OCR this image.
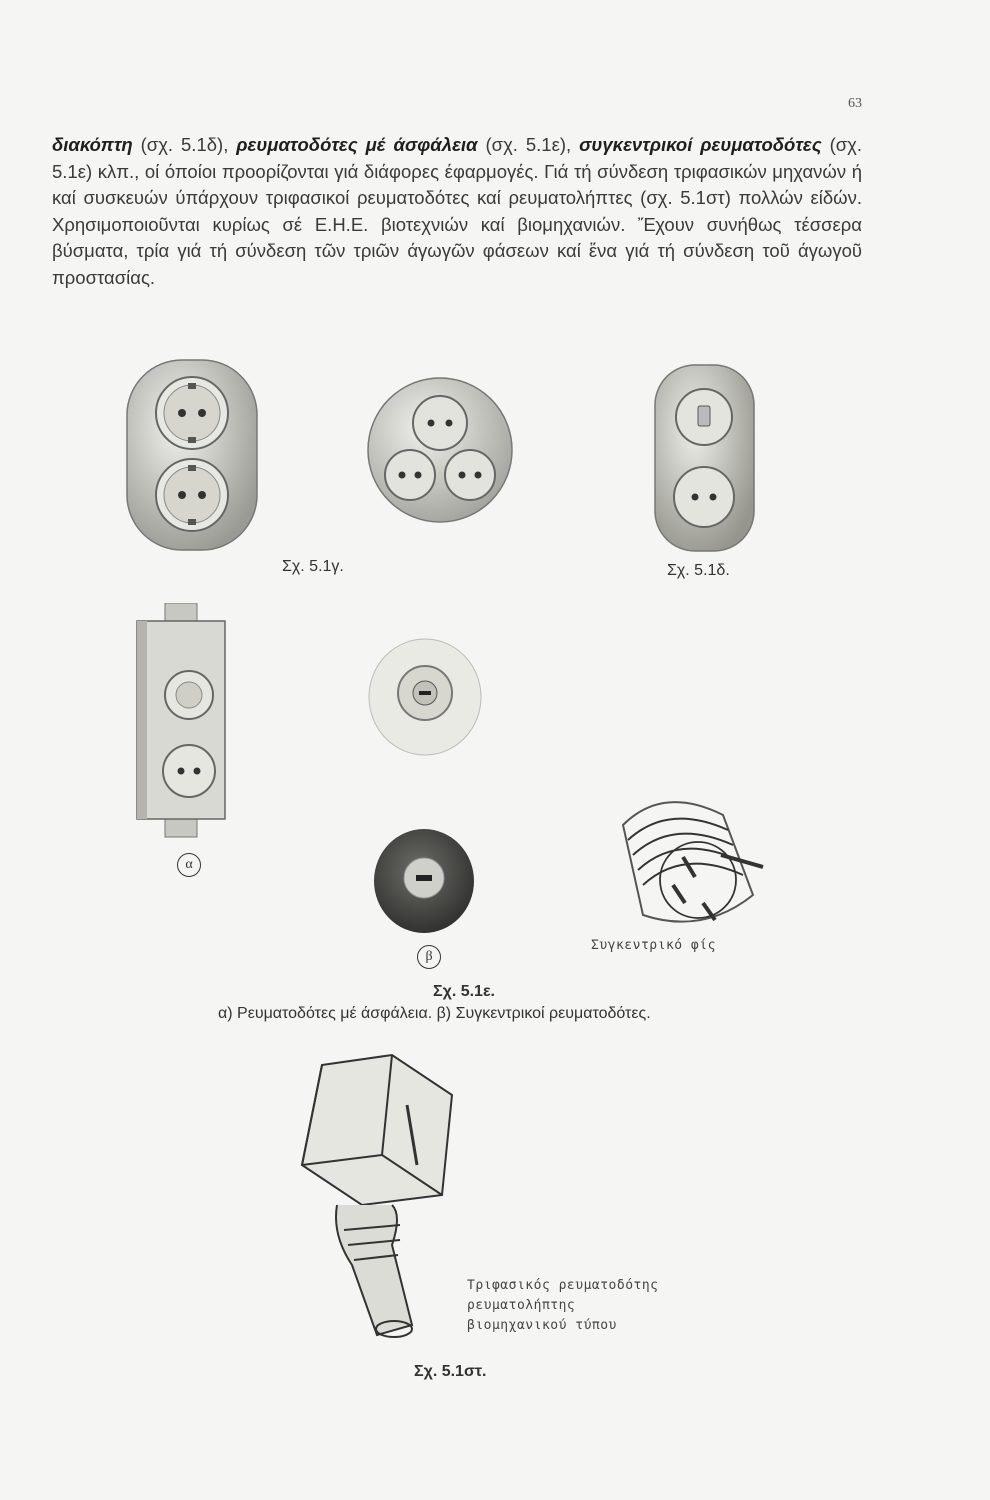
63

διακόπτη (σχ. 5.1δ), ρευματοδότες μέ άσφάλεια (σχ. 5.1ε), συγκεντρικοί ρευματοδότες (σχ. 5.1ε) κλπ., οί όποίοι προορίζονται γιά διάφορες έφαρμογές. Γιά τή σύνδεση τριφασικών μηχανών ή καί συσκευών ύπάρχουν τριφασικοί ρευματοδότες καί ρευματολήπτες (σχ. 5.1στ) πολλών είδών. Χρησιμοποιοῦνται κυρίως σέ Ε.Η.Ε. βιοτεχνιών καί βιομηχανιών. Ἔχουν συνήθως τέσσερα βύσματα, τρία γιά τή σύνδεση τῶν τριῶν άγωγῶν φάσεων καί ἕνα γιά τή σύνδεση τοῦ άγωγοῦ προστασίας.

Σχ. 5.1γ.	Σχ. 5.1δ.
α
β
Συγκεντρικό φίς
Σχ. 5.1ε.
α) Ρευματοδότες μέ άσφάλεια. β) Συγκεντρικοί ρευματοδότες.
Τριφασικός ρευματοδότης
ρευματολήπτης
βιομηχανικού τύπου
Σχ. 5.1στ.
